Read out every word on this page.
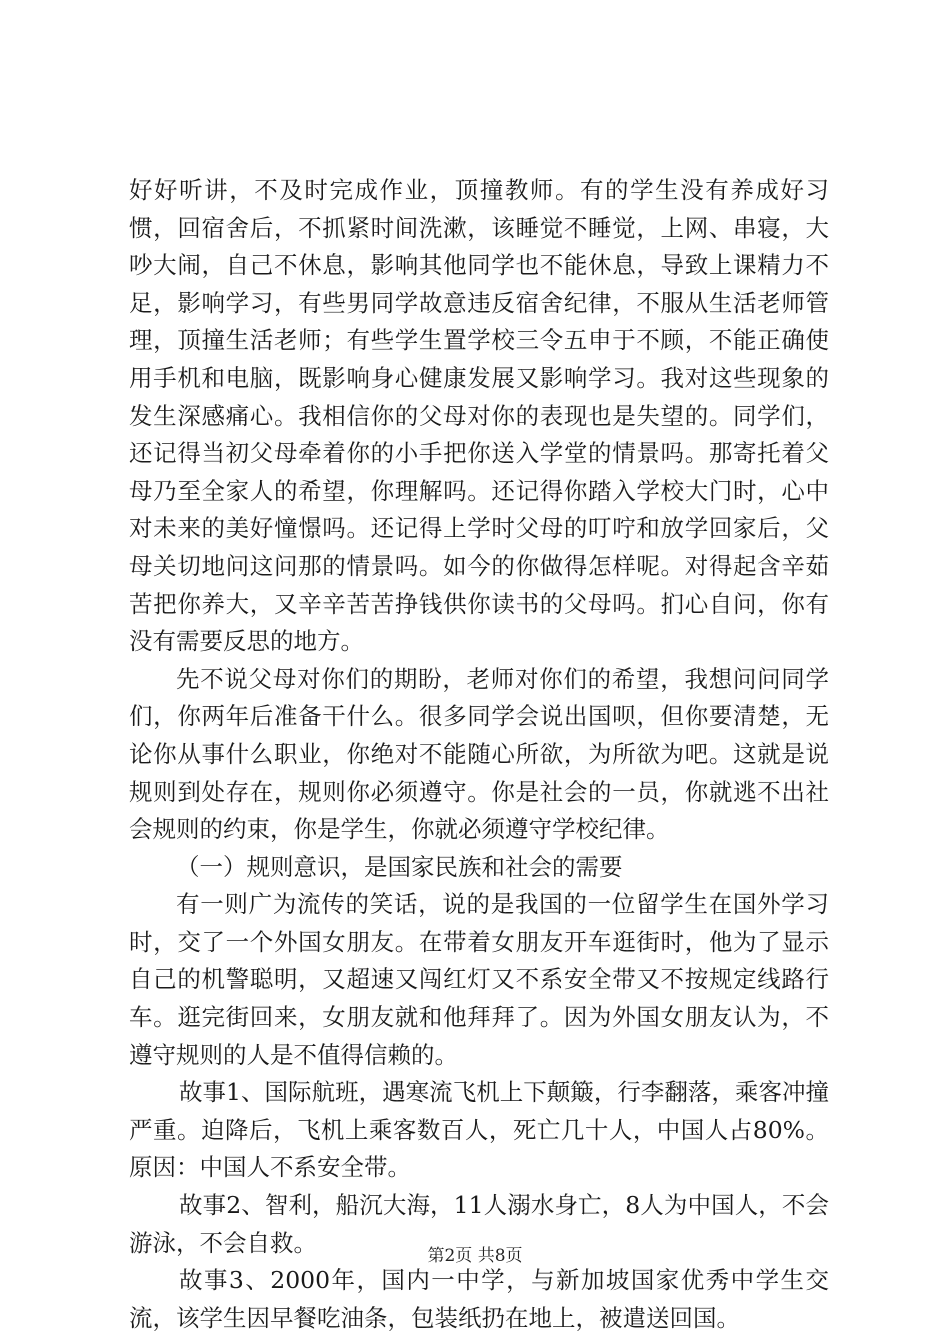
好好听讲，不及时完成作业，顶撞教师。有的学生没有养成好习惯，回宿舍后，不抓紧时间洗漱，该睡觉不睡觉，上网、串寝，大吵大闹，自己不休息，影响其他同学也不能休息，导致上课精力不足，影响学习，有些男同学故意违反宿舍纪律，不服从生活老师管理，顶撞生活老师；有些学生置学校三令五申于不顾，不能正确使用手机和电脑，既影响身心健康发展又影响学习。我对这些现象的发生深感痛心。我相信你的父母对你的表现也是失望的。同学们，还记得当初父母牵着你的小手把你送入学堂的情景吗。那寄托着父母乃至全家人的希望，你理解吗。还记得你踏入学校大门时，心中对未来的美好憧憬吗。还记得上学时父母的叮咛和放学回家后，父母关切地问这问那的情景吗。如今的你做得怎样呢。对得起含辛茹苦把你养大，又辛辛苦苦挣钱供你读书的父母吗。扪心自问，你有没有需要反思的地方。

先不说父母对你们的期盼，老师对你们的希望，我想问问同学们，你两年后准备干什么。很多同学会说出国呗，但你要清楚，无论你从事什么职业，你绝对不能随心所欲，为所欲为吧。这就是说规则到处存在，规则你必须遵守。你是社会的一员，你就逃不出社会规则的约束，你是学生，你就必须遵守学校纪律。

（一）规则意识，是国家民族和社会的需要

有一则广为流传的笑话，说的是我国的一位留学生在国外学习时，交了一个外国女朋友。在带着女朋友开车逛街时，他为了显示自己的机警聪明，又超速又闯红灯又不系安全带又不按规定线路行车。逛完街回来，女朋友就和他拜拜了。因为外国女朋友认为，不遵守规则的人是不值得信赖的。

故事1、国际航班，遇寒流飞机上下颠簸，行李翻落，乘客冲撞严重。迫降后，飞机上乘客数百人，死亡几十人，中国人占80%。原因：中国人不系安全带。

故事2、智利，船沉大海，11人溺水身亡，8人为中国人，不会游泳，不会自救。

故事3、2000年，国内一中学，与新加坡国家优秀中学生交流，该学生因早餐吃油条，包装纸扔在地上，被遣送回国。

第2页 共8页
